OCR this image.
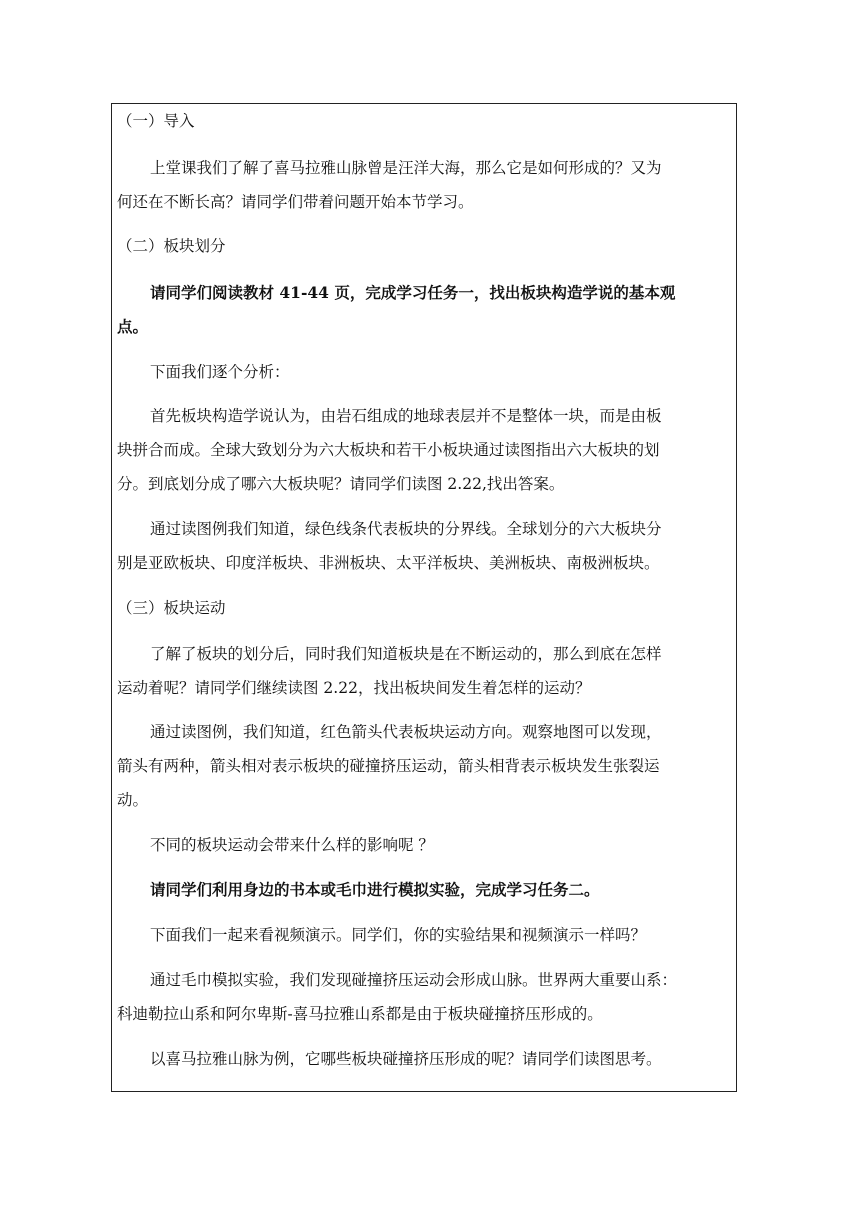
（一）导入
上堂课我们了解了喜马拉雅山脉曾是汪洋大海，那么它是如何形成的？又为
何还在不断长高？请同学们带着问题开始本节学习。
（二）板块划分
请同学们阅读教材 41-44 页，完成学习任务一，找出板块构造学说的基本观
点。
下面我们逐个分析：
首先板块构造学说认为，由岩石组成的地球表层并不是整体一块，而是由板
块拼合而成。全球大致划分为六大板块和若干小板块通过读图指出六大板块的划
分。到底划分成了哪六大板块呢？请同学们读图 2.22,找出答案。
通过读图例我们知道，绿色线条代表板块的分界线。全球划分的六大板块分
别是亚欧板块、印度洋板块、非洲板块、太平洋板块、美洲板块、南极洲板块。
（三）板块运动
了解了板块的划分后，同时我们知道板块是在不断运动的，那么到底在怎样
运动着呢？请同学们继续读图 2.22，找出板块间发生着怎样的运动？
通过读图例，我们知道，红色箭头代表板块运动方向。观察地图可以发现，
箭头有两种，箭头相对表示板块的碰撞挤压运动，箭头相背表示板块发生张裂运
动。
不同的板块运动会带来什么样的影响呢 ？
请同学们利用身边的书本或毛巾进行模拟实验，完成学习任务二。
下面我们一起来看视频演示。同学们，你的实验结果和视频演示一样吗？
通过毛巾模拟实验，我们发现碰撞挤压运动会形成山脉。世界两大重要山系：
科迪勒拉山系和阿尔卑斯-喜马拉雅山系都是由于板块碰撞挤压形成的。
以喜马拉雅山脉为例，它哪些板块碰撞挤压形成的呢？请同学们读图思考。
